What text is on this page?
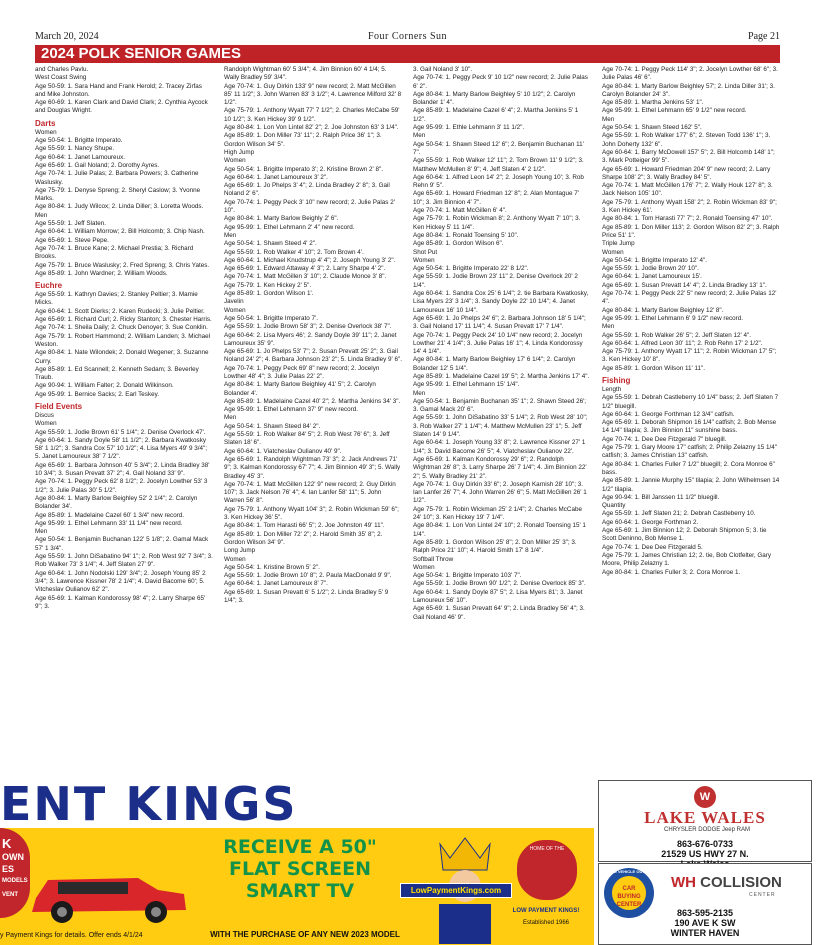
March 20, 2024	Four Corners Sun	Page 21
2024 POLK SENIOR GAMES

and Charles Pavlu.

West Coast Swing

Age 50-59: 1. Sara Hand and Frank Herold; 2. Tracey Zirfas and Mike Johnston.

Age 60-69: 1. Karen Clark and David Clark; 2. Cynthia Aycock and Douglas Wright.

Darts

Women

Age 50-54: 1. Brigitte Imperato.

Age 55-59: 1. Nancy Shupe.

Age 60-64: 1. Janet Lamoureux.

Age 65-69: 1. Gail Noland; 2. Dorothy Ayres.

Age 70-74: 1. Julie Palas; 2. Barbara Powers; 3. Catherine Waslusky.

Age 75-79: 1. Denyse Spreng; 2. Sheryl Caslow; 3. Yvonne Marks.

Age 80-84: 1. Judy Wilcox; 2. Linda Diller; 3. Loretta Woods.

Men

Age 55-59: 1. Jeff Slaten.

Age 60-64: 1. William Morrow; 2. Bill Holcomb; 3. Chip Nash.

Age 65-69: 1. Steve Pepe.

Age 70-74: 1. Bruce Kane; 2. Michael Prestia; 3. Richard Brooks.

Age 75-79: 1. Bruce Waslusky; 2. Fred Spreng; 3. Chris Yates.

Age 85-89: 1. John Wardner; 2. William Woods.

Euchre

Age 55-59: 1. Kathryn Davies; 2. Stanley Peltier; 3. Mamie Micks.

Age 60-64: 1. Scott Dierks; 2. Karen Rudecki; 3. Julie Peltier.

Age 65-69: 1. Richard Curl; 2. Ricky Stanton; 3. Chester Harris.

Age 70-74: 1. Sheila Daily; 2. Chuck Denoyer; 3. Sue Conklin.

Age 75-79: 1. Robert Hammond; 2. William Landen; 3. Michael Weston.

Age 80-84: 1. Nate Wilondek; 2. Donald Wegener; 3. Suzanne Curry.

Age 85-89: 1. Ed Scannell; 2. Kenneth Sedam; 3. Beverley Traub.

Age 90-94: 1. William Falter; 2. Donald Wilkinson.

Age 95-99: 1. Bernice Sacks; 2. Earl Teskey.

Field Events

Discus

Women

Age 55-59: 1. Jodie Brown 61' 5 1/4"; 2. Denise Overlock 47'.

Age 60-64: 1. Sandy Doyle 58' 11 1/2"; 2. Barbara Kwatkosky 58' 1 1/2"; 3. Sandra Cox 57' 10 1/2"; 4. Lisa Myers 49' 9 3/4"; 5. Janet Lamoureux 38' 7 1/2".

Age 65-69: 1. Barbara Johnson 40' 5 3/4"; 2. Linda Bradley 38' 10 3/4"; 3. Susan Prevatt 37' 2"; 4. Gail Noland 33' 9".

Age 70-74: 1. Peggy Peck 62' 8 1/2"; 2. Jocelyn Lowther 53' 3 1/2"; 3. Julie Palas 30' 5 1/2".

Age 80-84: 1. Marty Barlow Beighley 52' 2 1/4"; 2. Carolyn Bolander 34'.

Age 85-89: 1. Madelaine Cazel 60' 1 3/4" new record.

Age 95-99: 1. Ethel Lehmann 33' 11 1/4" new record.

Men

Age 50-54: 1. Benjamin Buchanan 122' 5 1/8"; 2. Gamal Mack 57' 1 3/4".

Age 55-59: 1. John DiSabatino 94' 1"; 2. Rob West 92' 7 3/4"; 3. Rob Walker 73' 3 1/4"; 4. Jeff Slaten 27' 9".

Age 60-64: 1. John Nodolski 129' 3/4"; 2. Joseph Young 85' 2 3/4"; 3. Lawrence Kissner 78' 2 1/4"; 4. David Bacome 60'; 5. Vitcheslav Oulianov 62' 2".

Age 65-69: 1. Kalman Kondorossy 98' 4"; 2. Larry Sharpe 65' 9"; 3.

Randolph Wightman 60' 5 3/4"; 4. Jim Binnion 60' 4 1/4; 5. Wally Bradley 59' 3/4".

Age 70-74: 1. Guy Dirkin 133' 9" new record; 2. Matt McGillen 85' 11 1/2"; 3. John Warren 83' 3 1/2"; 4. Lawrence Milford 32' 8 1/2".

Age 75-79: 1. Anthony Wyatt 77' 7 1/2"; 2. Charles McCabe 59' 10 1/2"; 3. Ken Hickey 39' 9 1/2".

Age 80-84: 1. Lon Von Lintel 82' 2"; 2. Joe Johnston 63' 3 1/4".

Age 85-89: 1. Don Miller 73' 11"; 2. Ralph Price 36' 1"; 3. Gordon Wilson 34' 5".

High Jump

Women

Age 50-54: 1. Brigitte Imperato 3'; 2. Kristine Brown 2' 8".

Age 60-64: 1. Janet Lamoureux 3' 2".

Age 65-69: 1. Jo Phelps 3' 4"; 2. Linda Bradley 2' 8"; 3. Gail Noland 2' 6".

Age 70-74: 1. Peggy Peck 3' 10" new record; 2. Julie Palas 2' 10".

Age 80-84: 1. Marty Barlow Beighly 2' 6".

Age 95-99: 1. Ethel Lehmann 2' 4" new record.

Men

Age 50-54: 1. Shawn Steed 4' 2".

Age 55-59: 1. Rob Walker 4' 10"; 2. Tom Brown 4'.

Age 60-64: 1. Michael Knudstrup 4' 4"; 2. Joseph Young 3' 2".

Age 65-69: 1. Edward Attaway 4' 3"; 2. Larry Sharpe 4' 2".

Age 70-74: 1. Matt McGillen 3' 10"; 2. Claude Monce 3' 8".

Age 75-79: 1. Ken Hickey 2' 5".

Age 85-89: 1. Gordon Wilson 1'.

Javelin

Women

Age 50-54: 1. Brigitte Imperato 7'.

Age 55-59: 1. Jodie Brown 58' 3"; 2. Denise Overlock 38' 7".

Age 60-64: 2. Lisa Myers 46'; 2. Sandy Doyle 39' 11"; 2. Janet Lamoureux 35' 9".

Age 65-69: 1. Jo Phelps 53' 7"; 2. Susan Prevatt 25' 2"; 3. Gail Noland 24' 2"; 4. Barbara Johnson 23' 2"; 5. Linda Bradley 9' 6".

Age 70-74: 1. Peggy Peck 69' 8" new record; 2. Jocelyn Lowther 48' 4"; 3. Julie Palas 22' 2".

Age 80-84: 1. Marty Barlow Beighley 41' 5"; 2. Carolyn Bolander 4'.

Age 85-89: 1. Madelaine Cazel 40' 2"; 2. Martha Jenkins 34' 3".

Age 95-99: 1. Ethel Lehmann 37' 9" new record.

Men

Age 50-54: 1. Shawn Steed 84' 2".

Age 55-59: 1. Rob Walker 84' 5"; 2. Rob West 76' 6"; 3. Jeff Slaten 18' 6".

Age 60-64: 1. Viatcheslav Oulianov 40' 9".

Age 65-69: 1. Randolph Wightman 73' 3"; 2. Jack Andrews 71' 9"; 3. Kalman Kondorossy 67' 7"; 4. Jim Binnion 49' 3"; 5. Wally Bradley 45' 3".

Age 70-74: 1. Matt McGillen 122' 9" new record; 2. Guy Dirkin 107'; 3. Jack Nelson 76' 4"; 4. Ian Lanfer 58' 11"; 5. John Warren 56' 8".

Age 75-79: 1. Anthony Wyatt 104' 3"; 2. Robin Wickman 59' 6"; 3. Ken Hickey 36' 5".

Age 80-84: 1. Tom Harasti 66' 5"; 2. Joe Johnston 49' 11".

Age 85-89: 1. Don Miller 72' 2"; 2. Harold Smith 35' 8"; 2. Gordon Wilson 34' 9".

Long Jump

Women

Age 50-54: 1. Kristine Brown 5' 2".

Age 55-59: 1. Jodie Brown 10' 8"; 2. Paula MacDonald 9' 9".

Age 60-64: 1. Janet Lamoureux 8' 7".

Age 65-69: 1. Susan Prevatt 6' 5 1/2"; 2. Linda Bradley 5' 9 1/4"; 3.

3. Gail Noland 3' 10".

Age 70-74: 1. Peggy Peck 9' 10 1/2" new record; 2. Julie Palas 6' 2".

Age 80-84: 1. Marty Barlow Beighley 5' 10 1/2"; 2. Carolyn Bolander 1' 4".

Age 85-89: 1. Madelaine Cazel 6' 4"; 2. Martha Jenkins 5' 1 1/2".

Age 95-99: 1. Ethle Lehmann 3' 11 1/2".

Men

Age 50-54: 1. Shawn Steed 12' 6"; 2. Benjamin Buchanan 11' 7".

Age 55-59: 1. Rob Walker 12' 11"; 2. Tom Brown 11' 9 1/2"; 3. Matthew McMullen 8' 9"; 4. Jeff Slaten 4' 2 1/2".

Age 60-64: 1. Alfred Leon 14' 2"; 2. Joseph Young 10'; 3. Rob Rehn 9' 5".

Age 65-69: 1. Howard Friedman 12' 8"; 2. Alan Montague 7' 10"; 3. Jim Binnion 4' 7".

Age 70-74: 1. Matt McGillen 6' 4".

Age 75-79: 1. Robin Wickman 8'; 2. Anthony Wyatt 7' 10"; 3. Ken Hickey 5' 11 1/4".

Age 80-84: 1. Ronald Toensing 5' 10".

Age 85-89: 1. Gordon Wilson 6".

Shot Put

Women

Age 50-54: 1. Brigitte Imperato 22' 8 1/2".

Age 55-59: 1. Jodie Brown 23' 11" 2. Denise Overlock 20' 2 1/4".

Age 60-64: 1. Sandra Cox 25' 6 1/4"; 2. tie Barbara Kwatkosky, Lisa Myers 23' 3 1/4"; 3. Sandy Doyle 22' 10 1/4"; 4. Janet Lamoureux 16' 10 1/4".

Age 65-69: 1. Jo Phelps 24' 6"; 2. Barbara Johnson 18' 5 1/4"; 3. Gail Noland 17' 11 1/4"; 4. Susan Prevatt 17' 7 1/4".

Age 70-74: 1. Peggy Peck 24' 10 1/4" new record; 2. Jocelyn Lowther 21' 4 1/4"; 3. Julie Palas 16' 1"; 4. Linda Kondorossy 14' 4 1/4".

Age 80-84: 1. Marty Barlow Beighley 17' 6 1/4"; 2. Carolyn Bolander 12' 5 1/4".

Age 85-89: 1. Madelaine Cazel 19' 5"; 2. Martha Jenkins 17' 4".

Age 95-99: 1. Ethel Lehmann 15' 1/4".

Men

Age 50-54: 1. Benjamin Buchanan 35' 1"; 2. Shawn Steed 26'; 3. Gamal Mack 20' 6".

Age 55-59: 1. John DiSabatino 33' 5 1/4"; 2. Rob West 28' 10"; 3. Rob Walker 27' 1 1/4"; 4. Matthew McMullen 23' 1"; 5. Jeff Slaten 14' 9 1/4".

Age 60-64: 1. Joseph Young 33' 8"; 2. Lawrence Kissner 27' 1 1/4"; 3. David Bacome 26' 5"; 4. Viatcheslav Oulianov 22'.

Age 65-69: 1. Kalman Kondorossy 29' 6"; 2. Randolph Wightman 26' 8"; 3. Larry Sharpe 26' 7 1/4"; 4. Jim Binnion 22' 2"; 5. Wally Bradley 21' 2".

Age 70-74: 1. Guy Dirkin 33' 6"; 2. Joseph Karnish 28' 10"; 3. Ian Lanfer 26' 7"; 4. John Warren 26' 6"; 5. Matt McGillen 26' 1 1/2".

Age 75-79: 1. Robin Wickman 25' 2 1/4"; 2. Charles McCabe 24' 10"; 3. Ken Hickey 19' 7 1/4".

Age 80-84: 1. Lon Von Lintel 24' 10"; 2. Ronald Toensing 15' 1 1/4".

Age 85-89: 1. Gordon Wilson 25' 8"; 2. Don Miller 25' 3"; 3. Ralph Price 21' 10"; 4. Harold Smith 17' 8 1/4".

Softball Throw

Women

Age 50-54: 1. Brigitte Imperato 103' 7".

Age 55-59: 1. Jodie Brown 90' 1/2"; 2. Denise Overlock 85' 3".

Age 60-64: 1. Sandy Doyle 87' 5"; 2. Lisa Myers 81'; 3. Janet Lamoureux 56' 10".

Age 65-69: 1. Susan Prevatt 64' 9"; 2. Linda Bradley 56' 4"; 3. Gail Noland 46' 9".

Age 70-74: 1. Peggy Peck 114' 3"; 2. Jocelyn Lowther 68' 6"; 3. Julie Palas 46' 6".

Age 80-84: 1. Marty Barlow Beighley 57'; 2. Linda Diller 31'; 3. Carolyn Bolander 24' 3".

Age 85-89: 1. Martha Jenkins 53' 1".

Age 95-99: 1. Ethel Lehmann 65' 9 1/2" new record.

Men

Age 50-54: 1. Shawn Steed 162' 5".

Age 55-59: 1. Rob Walker 177' 6"; 2. Steven Todd 136' 1"; 3. John Doherty 132' 6".

Age 60-64: 1. Barry McDowell 157' 5"; 2. Bill Holcomb 148' 1"; 3. Mark Potteiger 99' 5".

Age 65-69: 1. Howard Friedman 204' 9" new record; 2. Larry Sharpe 108' 2"; 3. Wally Bradley 84' 5".

Age 70-74: 1. Matt McGillen 176' 7"; 2. Wally Houk 127' 8"; 3. Jack Nelson 105' 10".

Age 75-79: 1. Anthony Wyatt 158' 2"; 2. Robin Wickman 83' 9"; 3. Ken Hickey 61'.

Age 80-84: 1. Tom Harasti 77' 7"; 2. Ronald Toensing 47' 10".

Age 85-89: 1. Don Miller 113'; 2. Gordon Wilson 82' 2"; 3. Ralph Price 51' 1".

Triple Jump

Women

Age 50-54: 1. Brigitte Imperato 12' 4".

Age 55-59: 1. Jodie Brown 20' 10".

Age 60-64: 1. Janet Lamoureux 15'.

Age 65-69: 1. Susan Prevatt 14' 4"; 2. Linda Bradley 13' 1".

Age 70-74: 1. Peggy Peck 22' 5" new record; 2. Julie Palas 12' 4".

Age 80-84: 1. Marty Barlow Beighley 12' 8".

Age 95-99: 1. Ethel Lehmann 6' 9 1/2" new record.

Men

Age 55-59: 1. Rob Walker 26' 5"; 2. Jeff Slaten 12' 4".

Age 60-64: 1. Alfred Leon 30' 11"; 2. Rob Rehn 17' 2 1/2".

Age 75-79: 1. Anthony Wyatt 17' 11"; 2. Robin Wickman 17' 5"; 3. Ken Hickey 10' 8".

Age 85-89: 1. Gordon Wilson 11' 11".

Fishing

Length

Age 55-59: 1. Debrah Castleberry 10 1/4" bass; 2. Jeff Slaten 7 1/2" bluegill.

Age 60-64: 1. George Forthman 12 3/4" catfish.

Age 65-69: 1. Deborah Shipmon 16 1/4" catfish; 2. Bob Mense 14 1/4" tilapia; 3. Jim Binnion 11" sunshine bass.

Age 70-74: 1. Dee Dee Fitzgerald 7" bluegill.

Age 75-79: 1. Gary Moore 17" catfish; 2. Philip Zelazny 15 1/4" catfish; 3. James Christian 13" catfish.

Age 80-84: 1. Charles Fuller 7 1/2" bluegill; 2. Cora Monroe 6" bass.

Age 85-89: 1. Jannie Murphy 15" tilapia; 2. John Wilhelmsen 14 1/2" tilapia.

Age 90-94: 1. Bill Janssen 11 1/2" bluegill.

Quantity

Age 55-59: 1. Jeff Slaten 21; 2. Debrah Castleberry 10.

Age 60-64: 1. George Forthman 2.

Age 65-69: 1. Jim Binnion 12; 2. Deborah Shipmon 5; 3. tie Scott Deninno, Bob Mense 1.

Age 70-74: 1. Dee Dee Fitzgerald 5.

Age 75-79: 1. James Christian 12; 2. tie, Bob Clotfelter, Gary Moore, Philip Zelazny 1.

Age 80-84: 1. Charles Fuller 3; 2. Cora Monroe 1.

ENT KINGS
K
OWN
ES
MODELS
VENT
RECEIVE A 50" FLAT SCREEN SMART TV
WITH THE PURCHASE OF ANY NEW 2023 MODEL
LowPaymentKings.com
HOME OF THE
LOW PAYMENT KINGS!
Established 1966
y Payment Kings for details. Offer ends 4/1/24
W
LAKE WALES
CHRYSLER DODGE Jeep RAM
863-676-0733
21529 US HWY 27 N.
USED VEHICLE OUTLET
CAR BUYING CENTER
WH COLLISION
CENTER
863-595-2135
190 AVE K SW
WINTER HAVEN
